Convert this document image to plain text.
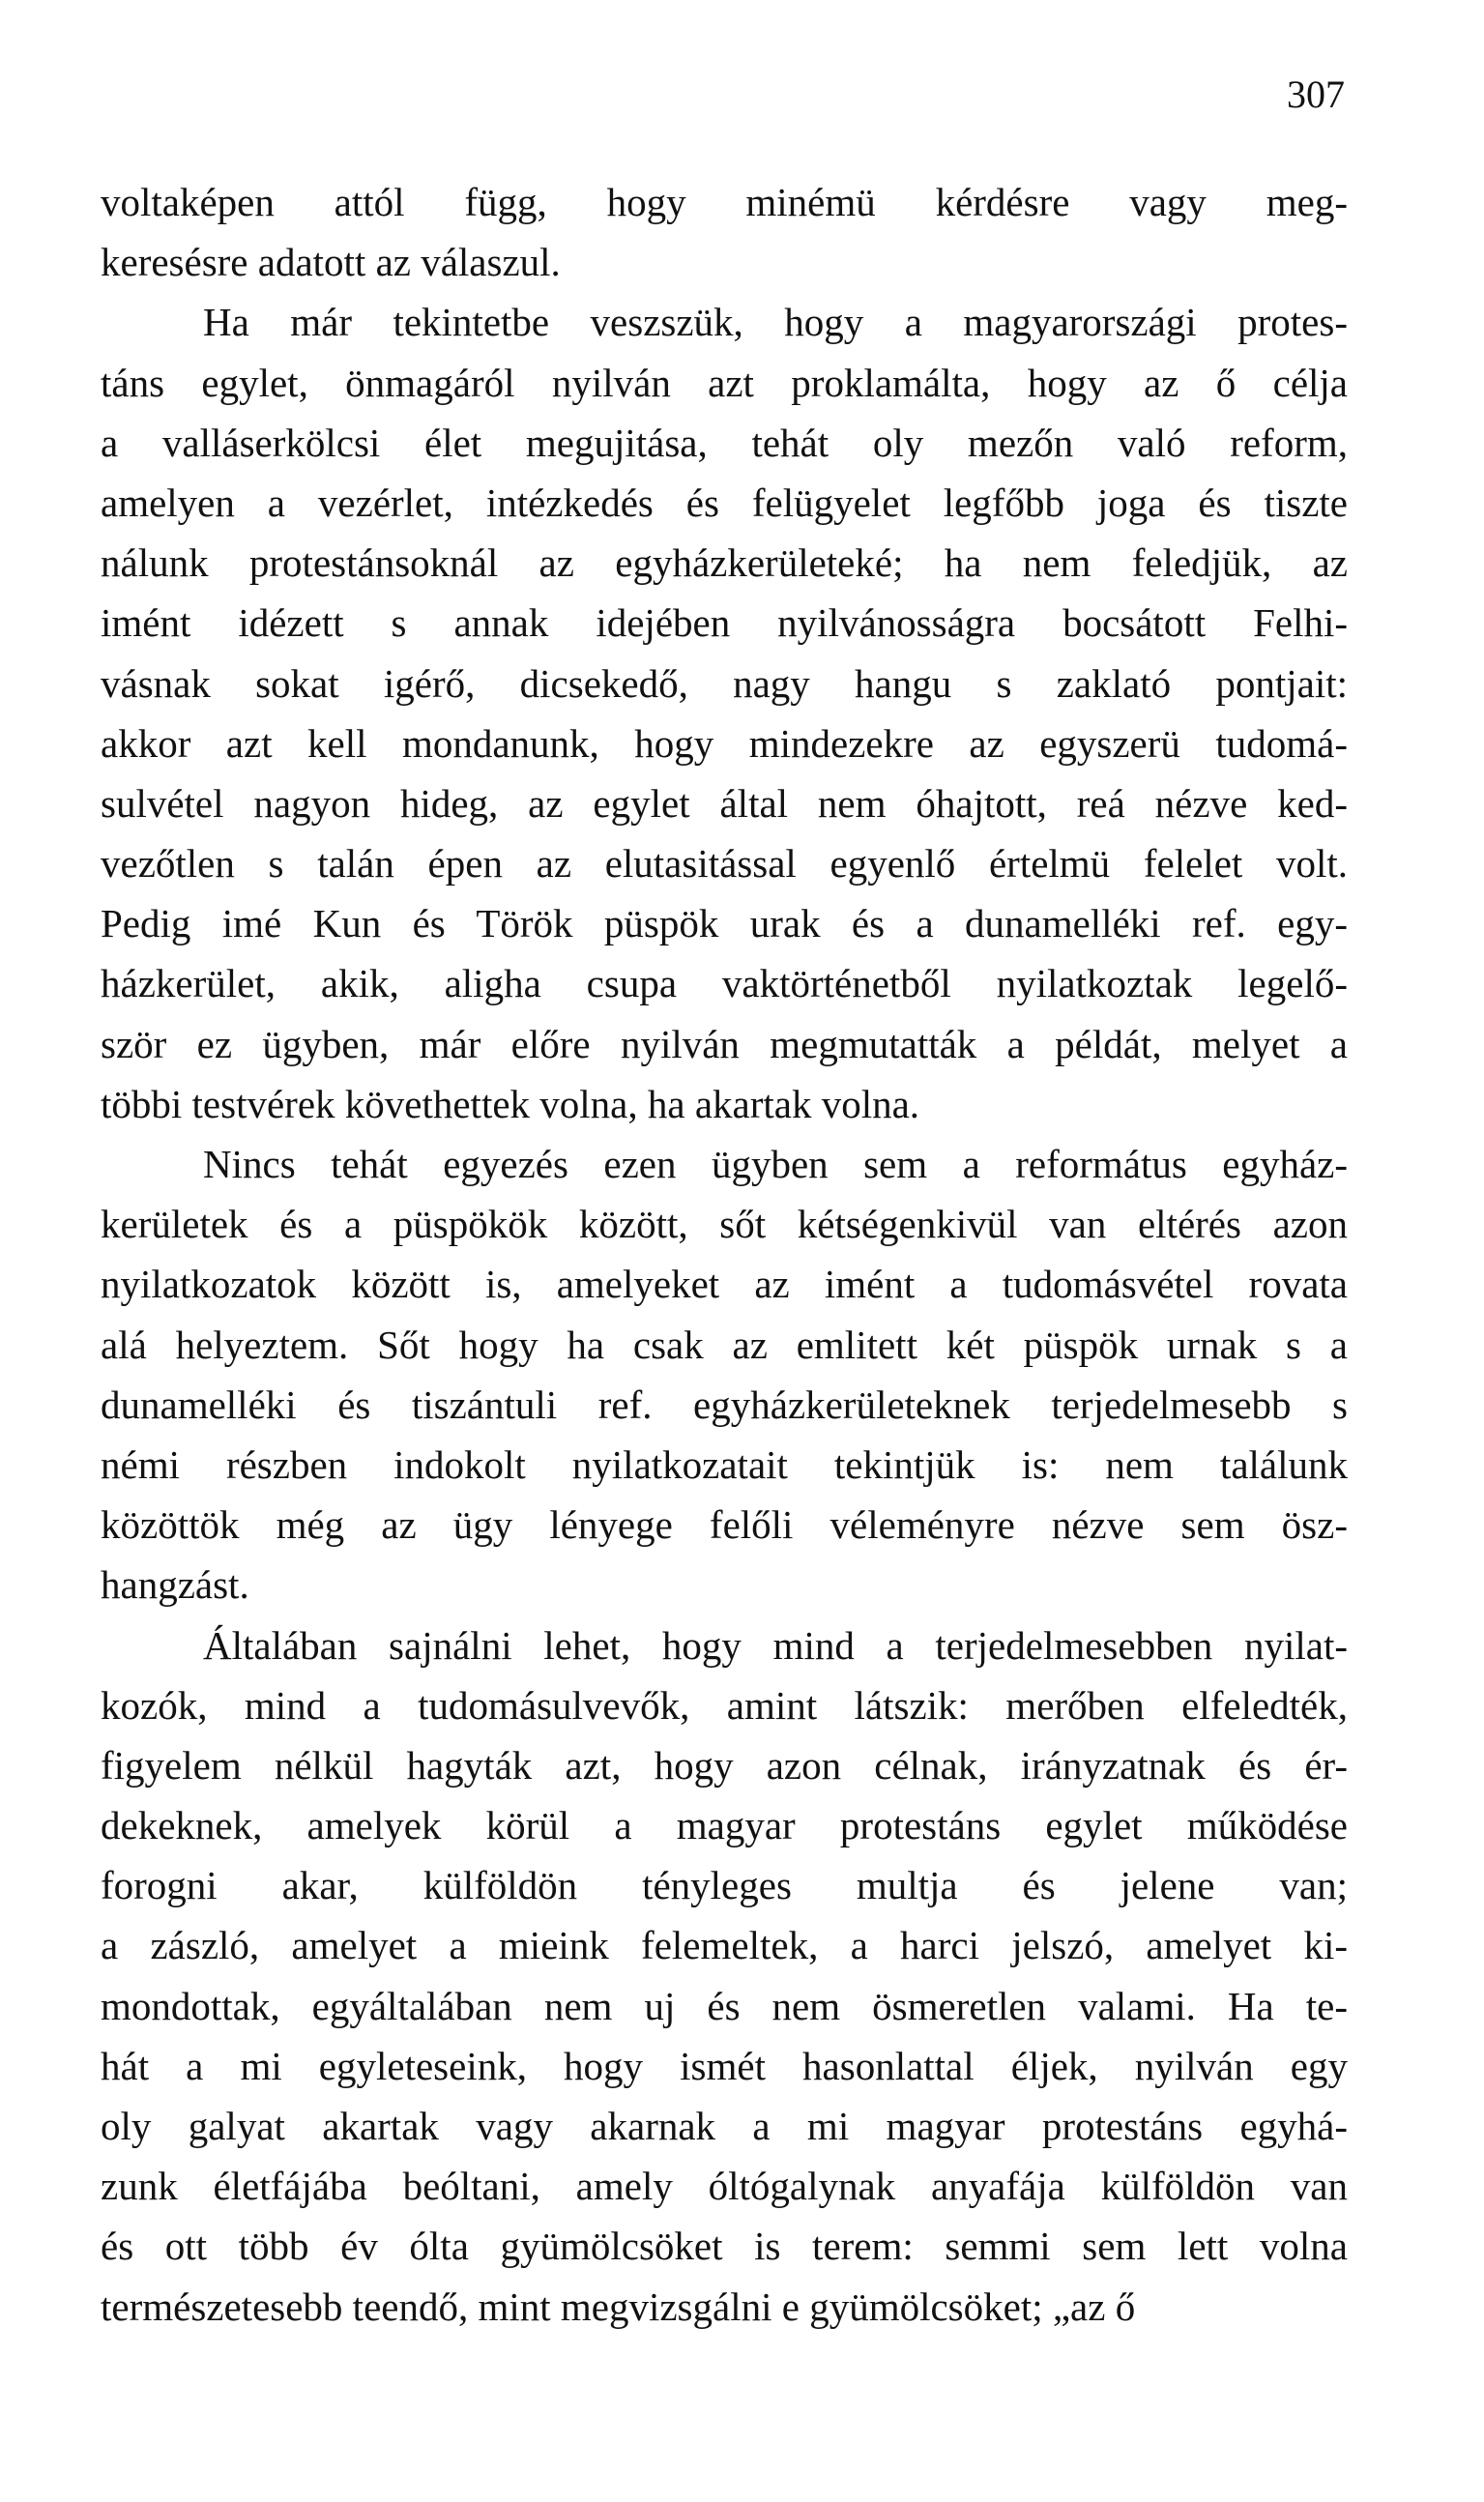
307
voltaképen attól függ, hogy minémü kérdésre vagy meg-
keresésre adatott az válaszul.
Ha már tekintetbe veszszük, hogy a magyarországi protes-
táns egylet, önmagáról nyilván azt proklamálta, hogy az ő célja
a valláserkölcsi élet megujitása, tehát oly mezőn való reform,
amelyen a vezérlet, intézkedés és felügyelet legfőbb joga és tiszte
nálunk protestánsoknál az egyházkerületeké; ha nem feledjük, az
imént idézett s annak idejében nyilvánosságra bocsátott Felhi-
vásnak sokat igérő, dicsekedő, nagy hangu s zaklató pontjait:
akkor azt kell mondanunk, hogy mindezekre az egyszerü tudomá-
sulvétel nagyon hideg, az egylet által nem óhajtott, reá nézve ked-
vezőtlen s talán épen az elutasitással egyenlő értelmü felelet volt.
Pedig imé Kun és Török püspök urak és a dunamelléki ref. egy-
házkerület, akik, aligha csupa vaktörténetből nyilatkoztak legelő-
ször ez ügyben, már előre nyilván megmutatták a példát, melyet a
többi testvérek követhettek volna, ha akartak volna.
Nincs tehát egyezés ezen ügyben sem a református egyház-
kerületek és a püspökök között, sőt kétségenkivül van eltérés azon
nyilatkozatok között is, amelyeket az imént a tudomásvétel rovata
alá helyeztem. Sőt hogy ha csak az emlitett két püspök urnak s a
dunamelléki és tiszántuli ref. egyházkerületeknek terjedelmesebb s
némi részben indokolt nyilatkozatait tekintjük is: nem találunk
közöttök még az ügy lényege felőli véleményre nézve sem ösz-
hangzást.
Általában sajnálni lehet, hogy mind a terjedelmesebben nyilat-
kozók, mind a tudomásulvevők, amint látszik: merőben elfeledték,
figyelem nélkül hagyták azt, hogy azon célnak, irányzatnak és ér-
dekeknek, amelyek körül a magyar protestáns egylet működése
forogni akar, külföldön tényleges multja és jelene van;
a zászló, amelyet a mieink felemeltek, a harci jelszó, amelyet ki-
mondottak, egyáltalában nem uj és nem ösmeretlen valami. Ha te-
hát a mi egyleteseink, hogy ismét hasonlattal éljek, nyilván egy
oly galyat akartak vagy akarnak a mi magyar protestáns egyhá-
zunk életfájába beóltani, amely óltógalynak anyafája külföldön van
és ott több év ólta gyümölcsöket is terem: semmi sem lett volna
természetesebb teendő, mint megvizsgálni e gyümölcsöket; „az ő
